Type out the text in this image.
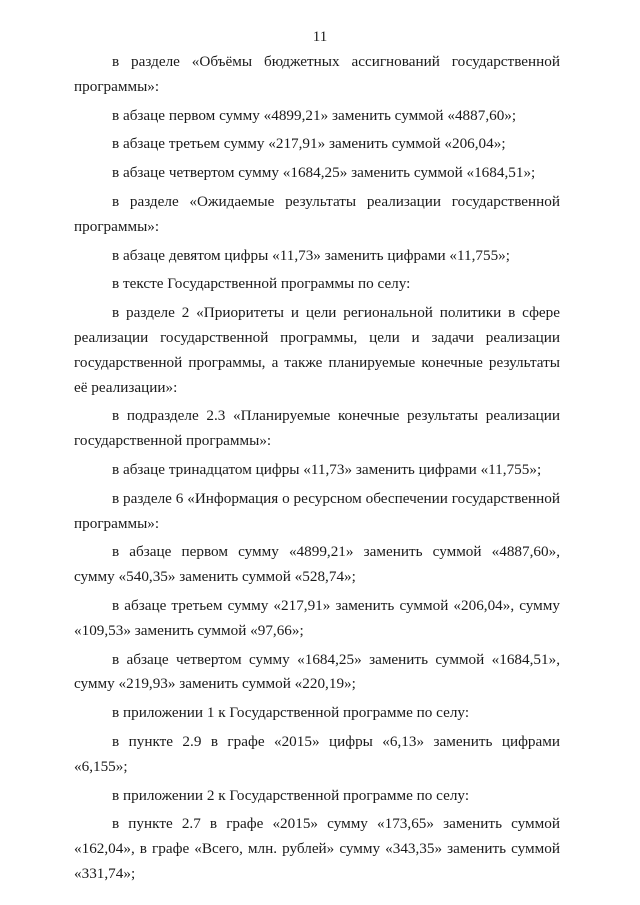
11

в разделе «Объёмы бюджетных ассигнований государственной программы»:

в абзаце первом сумму «4899,21» заменить суммой «4887,60»;

в абзаце третьем сумму «217,91» заменить суммой «206,04»;

в абзаце четвертом сумму «1684,25» заменить суммой «1684,51»;

в разделе «Ожидаемые результаты реализации государственной программы»:

в абзаце девятом цифры «11,73» заменить цифрами «11,755»;

в тексте Государственной программы по селу:

в разделе 2 «Приоритеты и цели региональной политики в сфере реализации государственной программы, цели и задачи реализации государственной программы, а также планируемые конечные результаты её реализации»:

в подразделе 2.3 «Планируемые конечные результаты реализации государственной программы»:

в абзаце тринадцатом цифры «11,73» заменить цифрами «11,755»;

в разделе 6 «Информация о ресурсном обеспечении государственной программы»:

в абзаце первом сумму «4899,21» заменить суммой «4887,60», сумму «540,35» заменить суммой «528,74»;

в абзаце третьем сумму «217,91» заменить суммой «206,04», сумму «109,53» заменить суммой «97,66»;

в абзаце четвертом сумму «1684,25» заменить суммой «1684,51», сумму «219,93» заменить суммой «220,19»;

в приложении 1 к Государственной программе по селу:

в пункте 2.9 в графе «2015» цифры «6,13» заменить цифрами «6,155»;

в приложении 2 к Государственной программе по селу:

в пункте 2.7 в графе «2015» сумму «173,65» заменить суммой «162,04», в графе «Всего, млн. рублей» сумму «343,35» заменить суммой «331,74»;
